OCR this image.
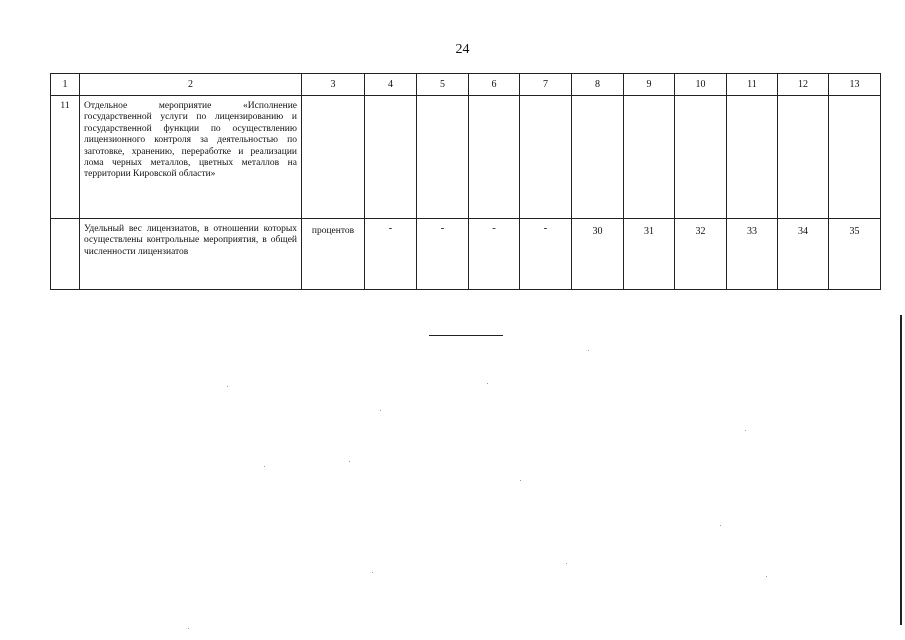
24
1	2	3	4	5	6	7	8	9	10	11	12	13
11	Отдельное мероприятие «Исполнение государственной услуги по лицензированию и государственной функции по осуществлению лицензионного контроля за деятельностью по заготовке, хранению, переработке и реализации лома черных металлов, цветных металлов на территории Кировской области»											
	Удельный вес лицензиатов, в отношении которых осуществлены контрольные мероприятия, в общей численности лицензиатов	процентов	-	-	-	-	30	31	32	33	34	35
